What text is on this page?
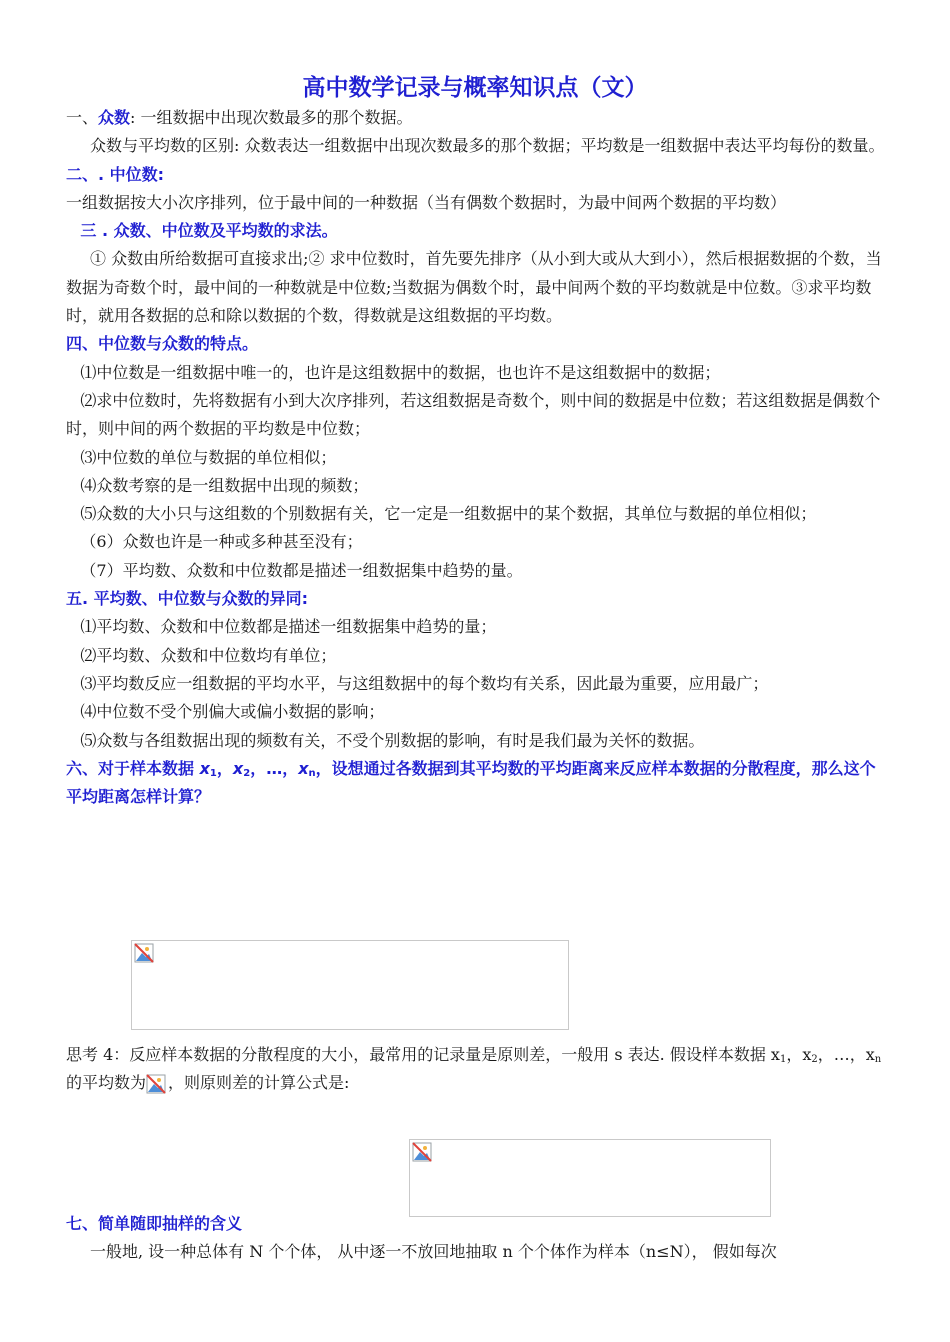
高中数学记录与概率知识点（文）

一、众数: 一组数据中出现次数最多的那个数据。

众数与平均数的区别: 众数表达一组数据中出现次数最多的那个数据；平均数是一组数据中表达平均每份的数量。

二、. 中位数: 一组数据按大小次序排列，位于最中间的一种数据（当有偶数个数据时，为最中间两个数据的平均数）

三 . 众数、中位数及平均数的求法。

① 众数由所给数据可直接求出;② 求中位数时，首先要先排序（从小到大或从大到小），然后根据数据的个数，当数据为奇数个时，最中间的一种数就是中位数;当数据为偶数个时，最中间两个数的平均数就是中位数。③求平均数时，就用各数据的总和除以数据的个数，得数就是这组数据的平均数。

四、中位数与众数的特点。

⑴中位数是一组数据中唯一的，也许是这组数据中的数据，也也许不是这组数据中的数据；

⑵求中位数时，先将数据有小到大次序排列，若这组数据是奇数个，则中间的数据是中位数；若这组数据是偶数个时，则中间的两个数据的平均数是中位数；

⑶中位数的单位与数据的单位相似；

⑷众数考察的是一组数据中出现的频数；

⑸众数的大小只与这组数的个别数据有关，它一定是一组数据中的某个数据，其单位与数据的单位相似；

（6）众数也许是一种或多种甚至没有；

（7）平均数、众数和中位数都是描述一组数据集中趋势的量。

五. 平均数、中位数与众数的异同:

⑴平均数、众数和中位数都是描述一组数据集中趋势的量；

⑵平均数、众数和中位数均有单位；

⑶平均数反应一组数据的平均水平，与这组数据中的每个数均有关系，因此最为重要，应用最广；

⑷中位数不受个别偏大或偏小数据的影响；

⑸众数与各组数据出现的频数有关，不受个别数据的影响，有时是我们最为关怀的数据。

六、对于样本数据 $x_1$，$x_2$，…，$x_n$，设想通过各数据到其平均数的平均距离来反应样本数据的分散程度，那么这个平均距离怎样计算？

思考 4：反应样本数据的分散程度的大小，最常用的记录量是原则差，一般用 s 表达. 假设样本数据 $x_1$，$x_2$，…，$x_n$的平均数为 ，则原则差的计算公式是:

七、简单随即抽样的含义

一般地, 设一种总体有 N 个个体， 从中逐一不放回地抽取 n 个个体作为样本（n≤N）， 假如每次
